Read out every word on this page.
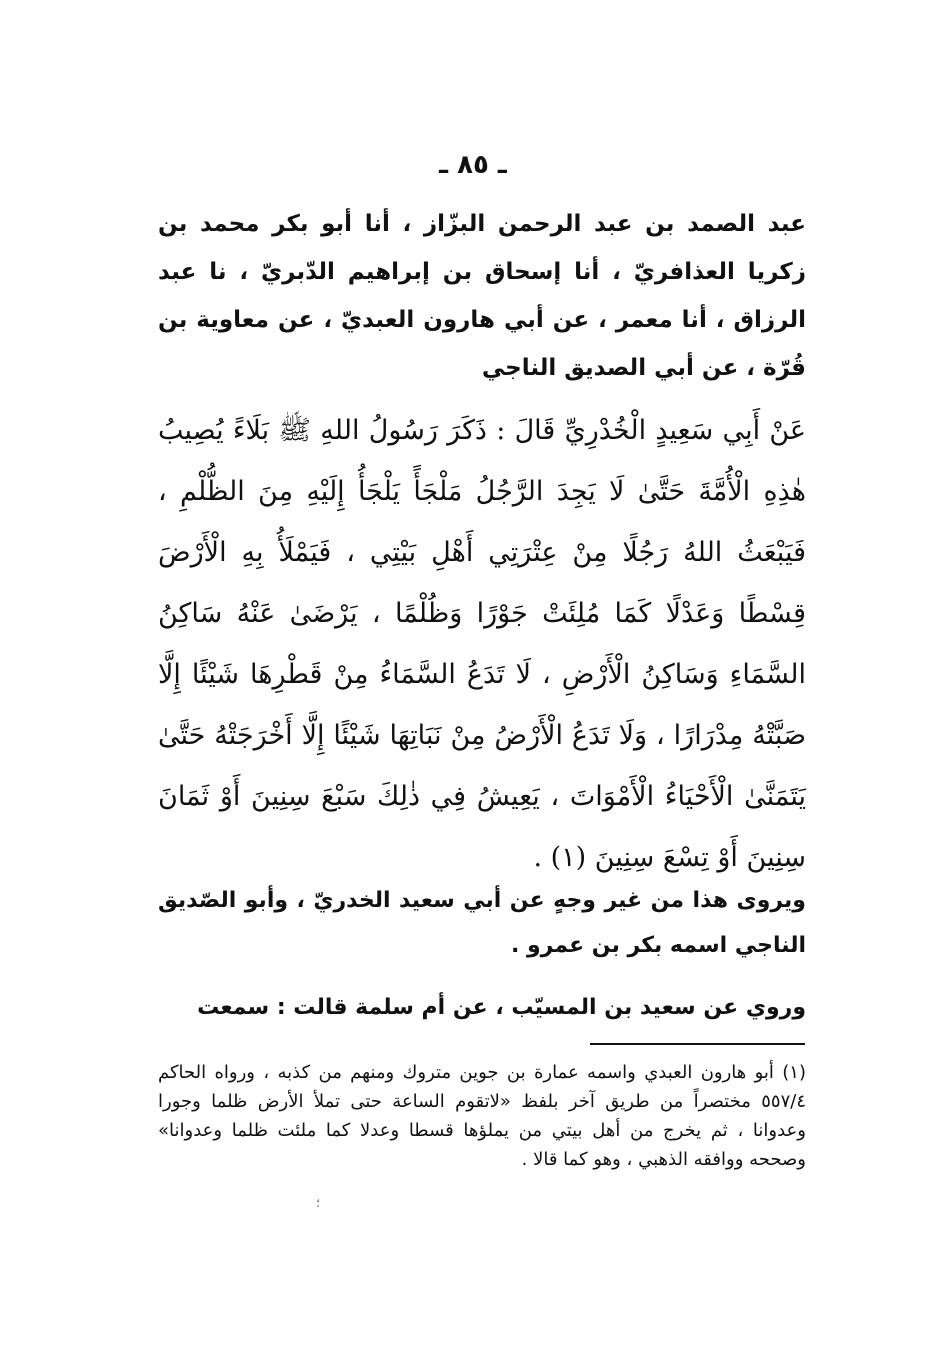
ـ ٨٥ ـ

عبد الصمد بن عبد الرحمن البزّاز ، أنا أبو بكر محمد بن زكريا العذافريّ ، أنا إسحاق بن إبراهيم الدّبريّ ، نا عبد الرزاق ، أنا معمر ، عن أبي هارون العبديّ ، عن معاوية بن قُرّة ، عن أبي الصديق الناجي

عَنْ أَبِي سَعِيدٍ الْخُدْرِيِّ قَالَ : ذَكَرَ رَسُولُ اللهِ ﷺ بَلَاءً يُصِيبُ هٰذِهِ الْأُمَّةَ حَتَّىٰ لَا يَجِدَ الرَّجُلُ مَلْجَأً يَلْجَأُ إِلَيْهِ مِنَ الظُّلْمِ ، فَيَبْعَثُ اللهُ رَجُلًا مِنْ عِتْرَتِي أَهْلِ بَيْتِي ، فَيَمْلَأُ بِهِ الْأَرْضَ قِسْطًا وَعَدْلًا كَمَا مُلِئَتْ جَوْرًا وَظُلْمًا ، يَرْضَىٰ عَنْهُ سَاكِنُ السَّمَاءِ وَسَاكِنُ الْأَرْضِ ، لَا تَدَعُ السَّمَاءُ مِنْ قَطْرِهَا شَيْئًا إِلَّا صَبَّتْهُ مِدْرَارًا ، وَلَا تَدَعُ الْأَرْضُ مِنْ نَبَاتِهَا شَيْئًا إِلَّا أَخْرَجَتْهُ حَتَّىٰ يَتَمَنَّىٰ الْأَحْيَاءُ الْأَمْوَاتَ ، يَعِيشُ فِي ذٰلِكَ سَبْعَ سِنِينَ أَوْ ثَمَانَ سِنِينَ أَوْ تِسْعَ سِنِينَ (١) .

ويروى هذا من غير وجهٍ عن أبي سعيد الخدريّ ، وأبو الصّديق الناجي اسمه بكر بن عمرو .

وروي عن سعيد بن المسيّب ، عن أم سلمة قالت : سمعت

(١) أبو هارون العبدي واسمه عمارة بن جوين متروك ومنهم من كذبه ، ورواه الحاكم ٥٥٧/٤ مختصراً من طريق آخر بلفظ «لاتقوم الساعة حتى تملأ الأرض ظلما وجورا وعدوانا ، ثم يخرج من أهل بيتي من يملؤها قسطا وعدلا كما ملئت ظلما وعدوانا» وصححه ووافقه الذهبي ، وهو كما قالا .

؛
